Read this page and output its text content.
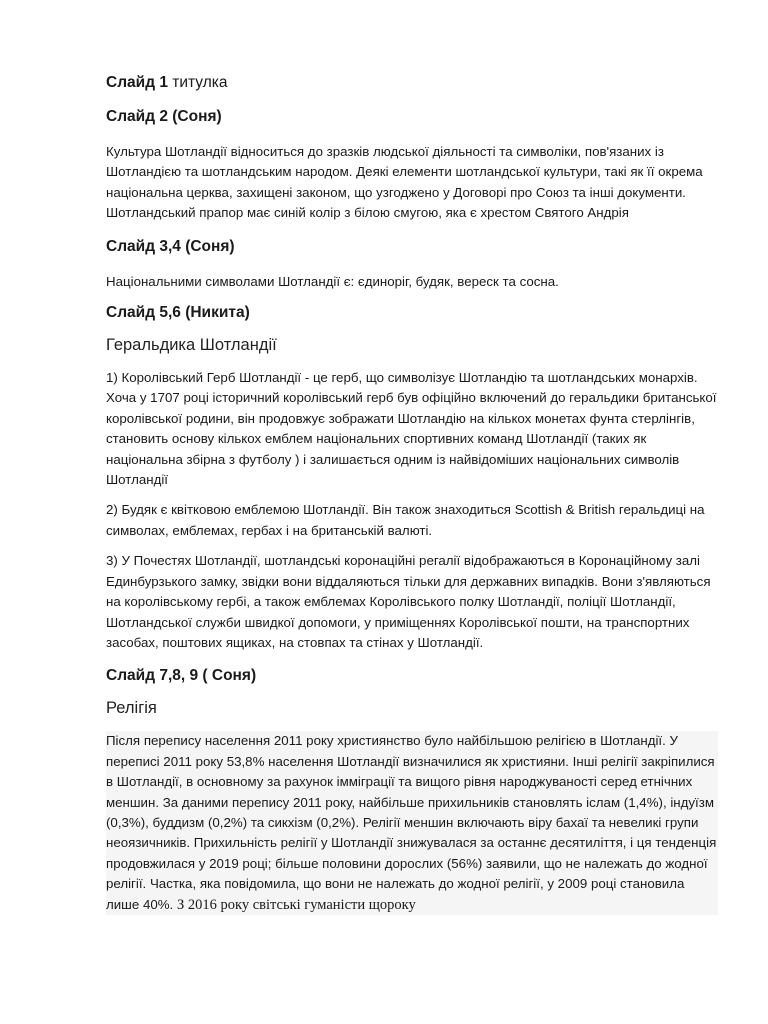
Слайд 1 титулка
Слайд 2 (Соня)

Культура Шотландії відноситься до зразків людської діяльності та символіки, пов'язаних із Шотландією та шотландським народом. Деякі елементи шотландської культури, такі як її окрема національна церква, захищені законом, що узгоджено у Договорі про Союз та інші документи. Шотландський прапор має синій колір з білою смугою, яка є хрестом Святого Андрія

Слайд 3,4 (Соня)

Національними символами Шотландії є: єдиноріг, будяк, вереск та сосна.

Слайд 5,6 (Никита)
Геральдика Шотландії

1) Королівський Герб Шотландії - це герб, що символізує Шотландію та шотландських монархів. Хоча у 1707 році історичний королівський герб був офіційно включений до геральдики британської королівської родини, він продовжує зображати Шотландію на кількох монетах фунта стерлінгів, становить основу кількох емблем національних спортивних команд Шотландії (таких як національна збірна з футболу ) і залишається одним із найвідоміших національних символів Шотландії

2) Будяк є квітковою емблемою Шотландії. Він також знаходиться Scottish & British геральдиці на символах, емблемах, гербах і на британській валюті.

3) У Почестях Шотландії, шотландські коронаційні регалії відображаються в Коронаційному залі Единбурзького замку, звідки вони віддаляються тільки для державних випадків. Вони з'являються на королівському гербі, а також емблемах Королівського полку Шотландії, поліції Шотландії, Шотландської служби швидкої допомоги, у приміщеннях Королівської пошти, на транспортних засобах, поштових ящиках, на стовпах та стінах у Шотландії.

Слайд 7,8, 9 ( Соня)
Релігія

Після перепису населення 2011 року християнство було найбільшою релігією в Шотландії. У переписі 2011 року 53,8% населення Шотландії визначилися як християни. Інші релігії закріпилися в Шотландії, в основному за рахунок імміграції та вищого рівня народжуваності серед етнічних меншин. За даними перепису 2011 року, найбільше прихильників становлять іслам (1,4%), індуїзм (0,3%), буддизм (0,2%) та сикхізм (0,2%). Релігії меншин включають віру бахаї та невеликі групи неоязичників. Прихильність релігії у Шотландії знижувалася за останнє десятиліття, і ця тенденція продовжилася у 2019 році; більше половини дорослих (56%) заявили, що не належать до жодної релігії. Частка, яка повідомила, що вони не належать до жодної релігії, у 2009 році становила лише 40%. З 2016 року світські гуманісти щороку
